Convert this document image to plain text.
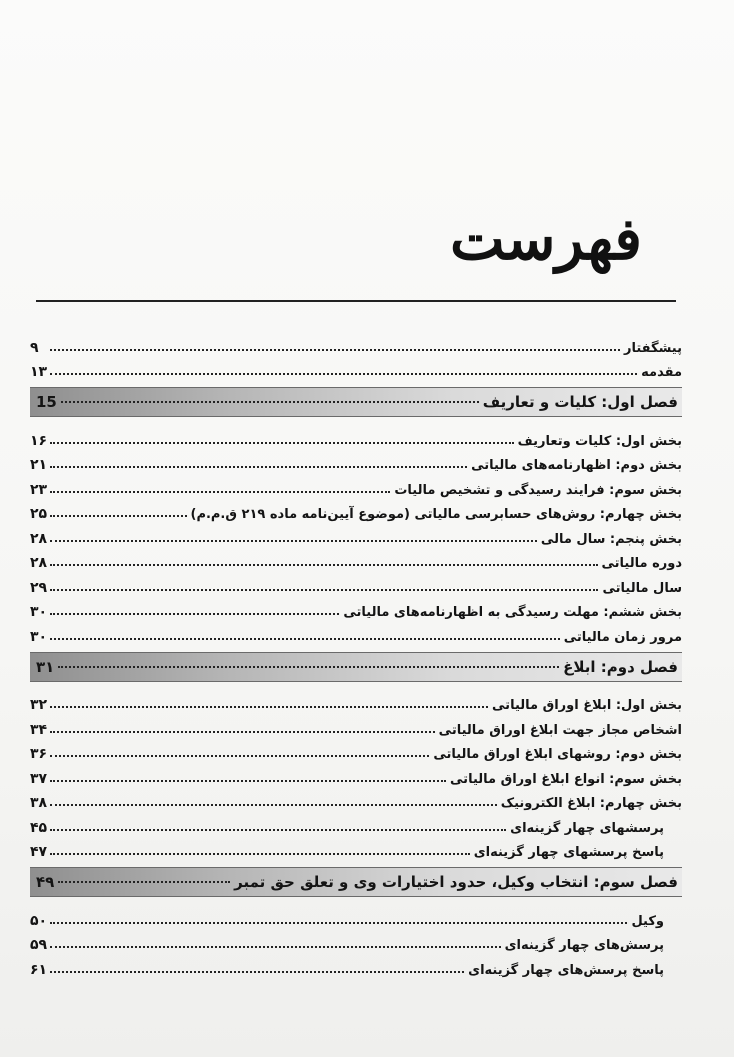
فهرست
پیشگفتار
۹
مقدمه
۱۳
فصل اول: کلیات و تعاریف
15
بخش اول: کلیات وتعاریف
۱۶
بخش دوم: اظهارنامه‌های مالیاتی
۲۱
بخش سوم: فرایند رسیدگی و تشخیص مالیات
۲۳
بخش چهارم: روش‌های حسابرسی مالیاتی (موضوع آیین‌نامه ماده ۲۱۹ ق.م.م)
۲۵
بخش پنجم: سال مالی
۲۸
دوره مالیاتی
۲۸
سال مالیاتی
۲۹
بخش ششم: مهلت رسیدگی به اظهارنامه‌های مالیاتی
۳۰
مرور زمان مالیاتی
۳۰
فصل دوم: ابلاغ
۳۱
بخش اول: ابلاغ اوراق مالیاتی
۳۲
اشخاص مجاز جهت ابلاغ اوراق مالیاتی
۳۴
بخش دوم: روشهای ابلاغ اوراق مالیاتی
۳۶
بخش سوم: انواع ابلاغ اوراق مالیاتی
۳۷
بخش چهارم: ابلاغ الکترونیک
۳۸
پرسشهای چهار گزینه‌ای
۴۵
پاسخ پرسشهای چهار گزینه‌ای
۴۷
فصل سوم: انتخاب وکیل، حدود اختیارات وی و تعلق حق تمبر
۴۹
وکیل
۵۰
پرسش‌های چهار گزینه‌ای
۵۹
پاسخ پرسش‌های چهار گزینه‌ای
۶۱
